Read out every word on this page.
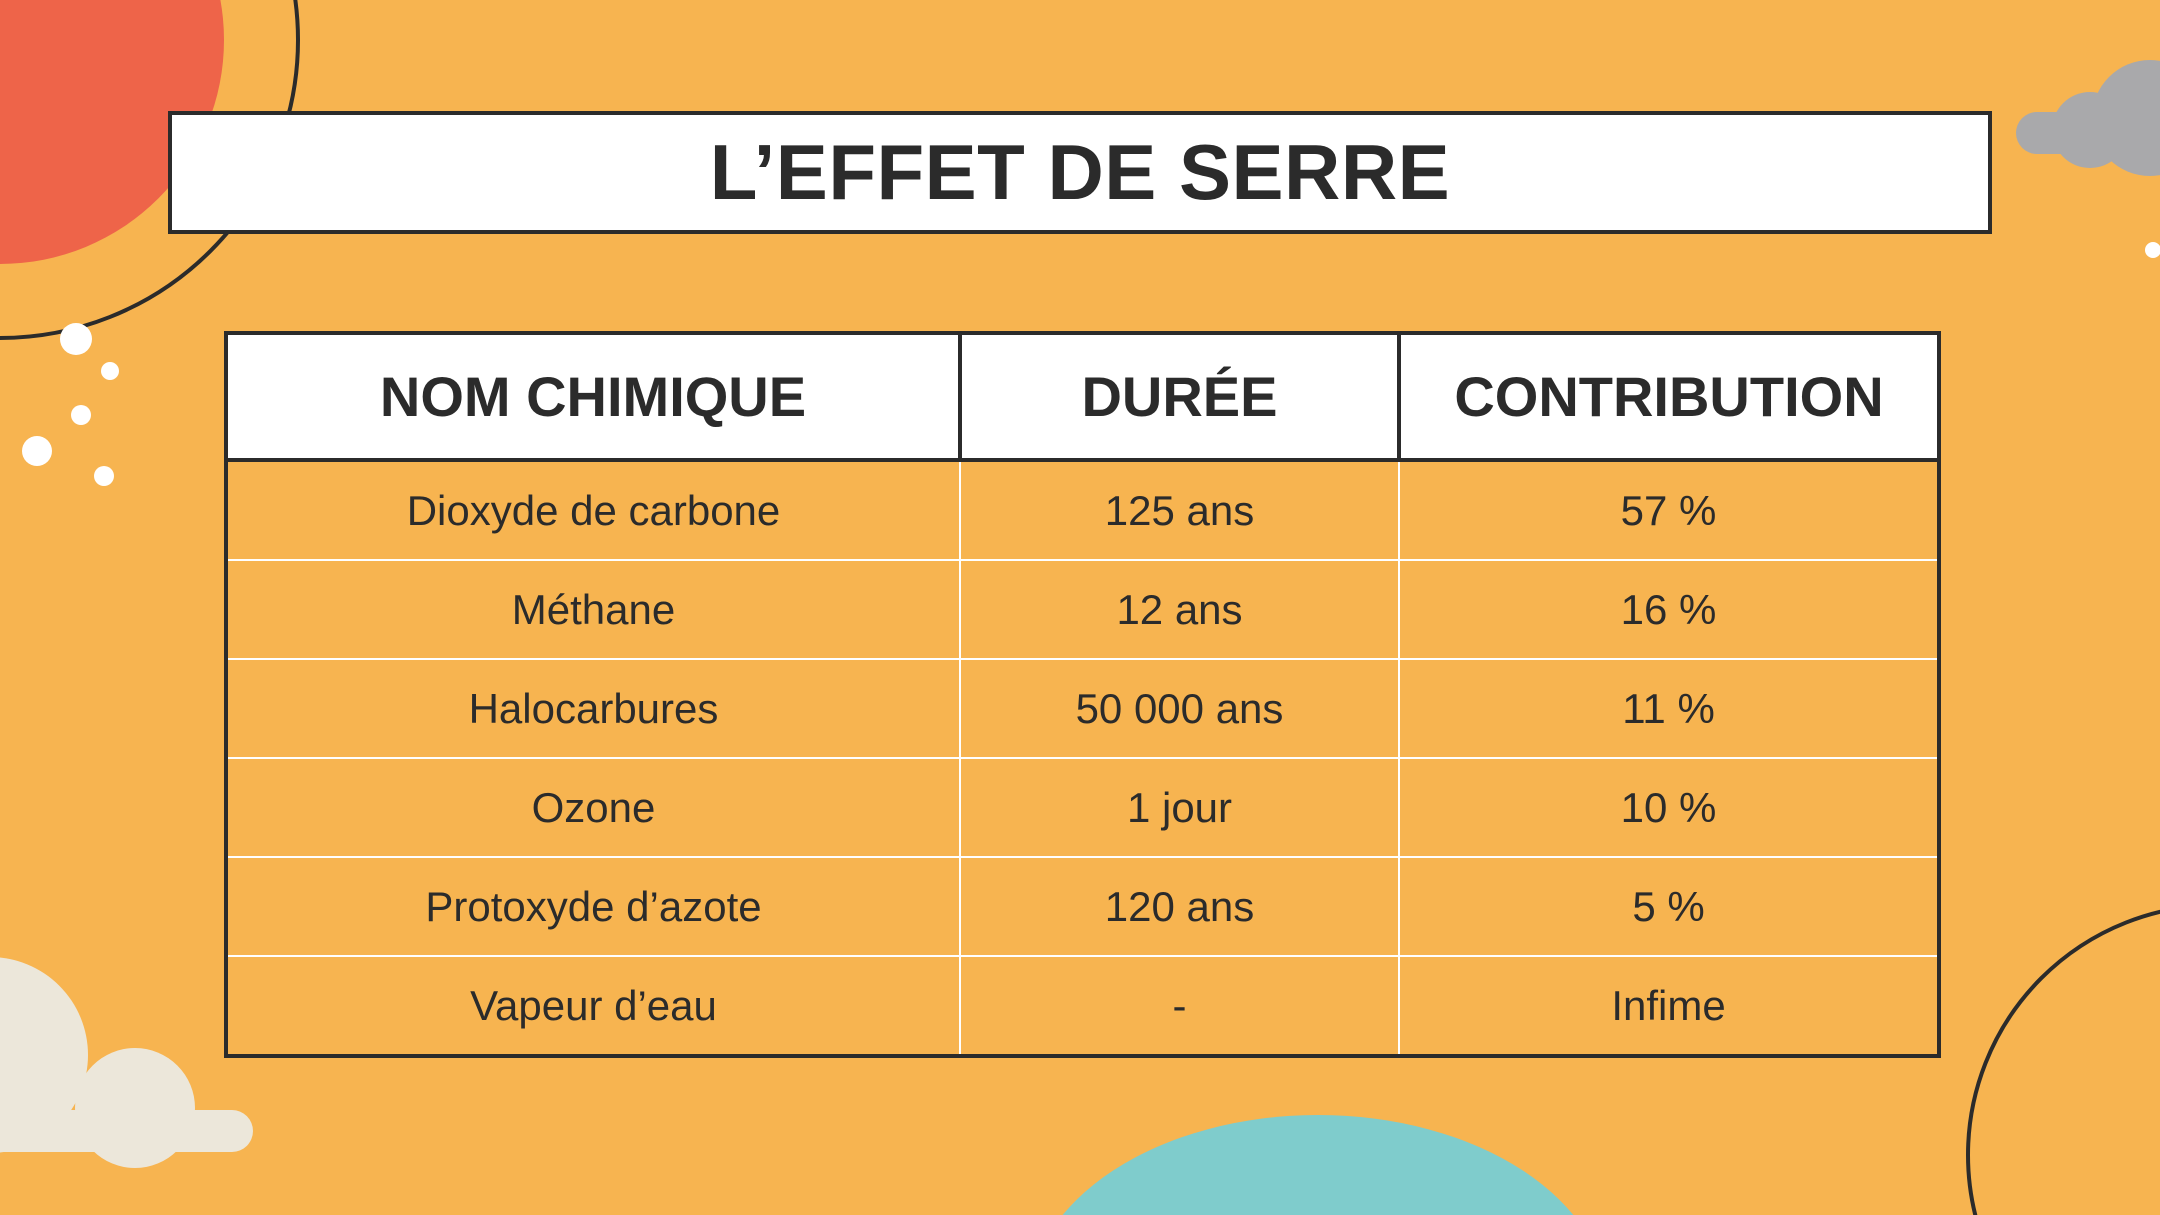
L’EFFET DE SERRE
NOM CHIMIQUE	DURÉE	CONTRIBUTION
Dioxyde de carbone	125 ans	57 %
Méthane	12 ans	16 %
Halocarbures	50 000 ans	11 %
Ozone	1 jour	10 %
Protoxyde d’azote	120 ans	5 %
Vapeur d’eau	-	Infime
